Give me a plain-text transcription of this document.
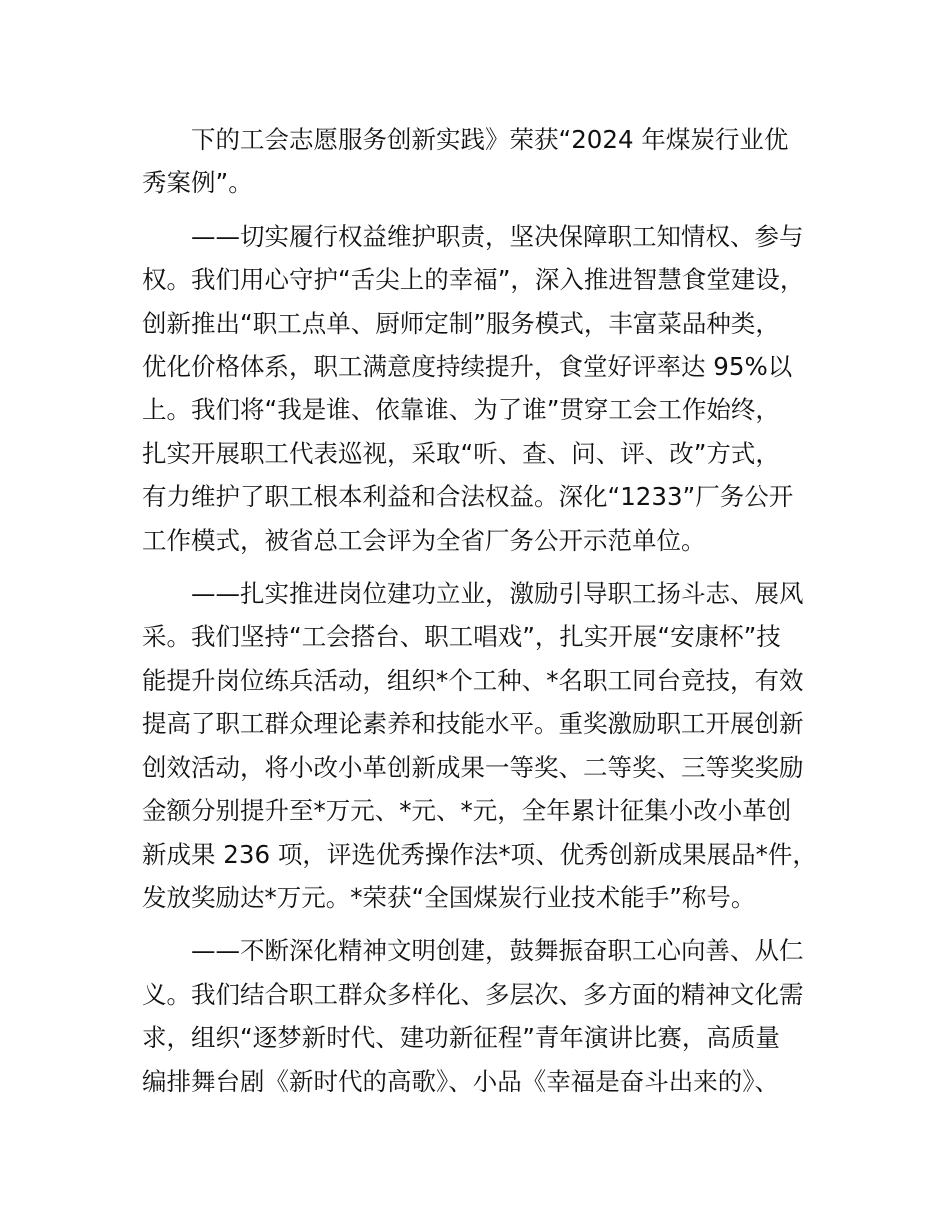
下的工会志愿服务创新实践》荣获“2024 年煤炭行业优
秀案例”。

——切实履行权益维护职责，坚决保障职工知情权、参与
权。我们用心守护“舌尖上的幸福”，深入推进智慧食堂建设，
创新推出“职工点单、厨师定制”服务模式，丰富菜品种类，
优化价格体系，职工满意度持续提升，食堂好评率达 95%以
上。我们将“我是谁、依靠谁、为了谁”贯穿工会工作始终，
扎实开展职工代表巡视，采取“听、查、问、评、改”方式，
有力维护了职工根本利益和合法权益。深化“1233”厂务公开
工作模式，被省总工会评为全省厂务公开示范单位。

——扎实推进岗位建功立业，激励引导职工扬斗志、展风
采。我们坚持“工会搭台、职工唱戏”，扎实开展“安康杯”技
能提升岗位练兵活动，组织*个工种、*名职工同台竞技，有效
提高了职工群众理论素养和技能水平。重奖激励职工开展创新
创效活动，将小改小革创新成果一等奖、二等奖、三等奖奖励
金额分别提升至*万元、*元、*元，全年累计征集小改小革创
新成果 236 项，评选优秀操作法*项、优秀创新成果展品*件，
发放奖励达*万元。*荣获“全国煤炭行业技术能手”称号。

——不断深化精神文明创建，鼓舞振奋职工心向善、从仁
义。我们结合职工群众多样化、多层次、多方面的精神文化需
求，组织“逐梦新时代、建功新征程”青年演讲比赛，高质量
编排舞台剧《新时代的高歌》、小品《幸福是奋斗出来的》、
